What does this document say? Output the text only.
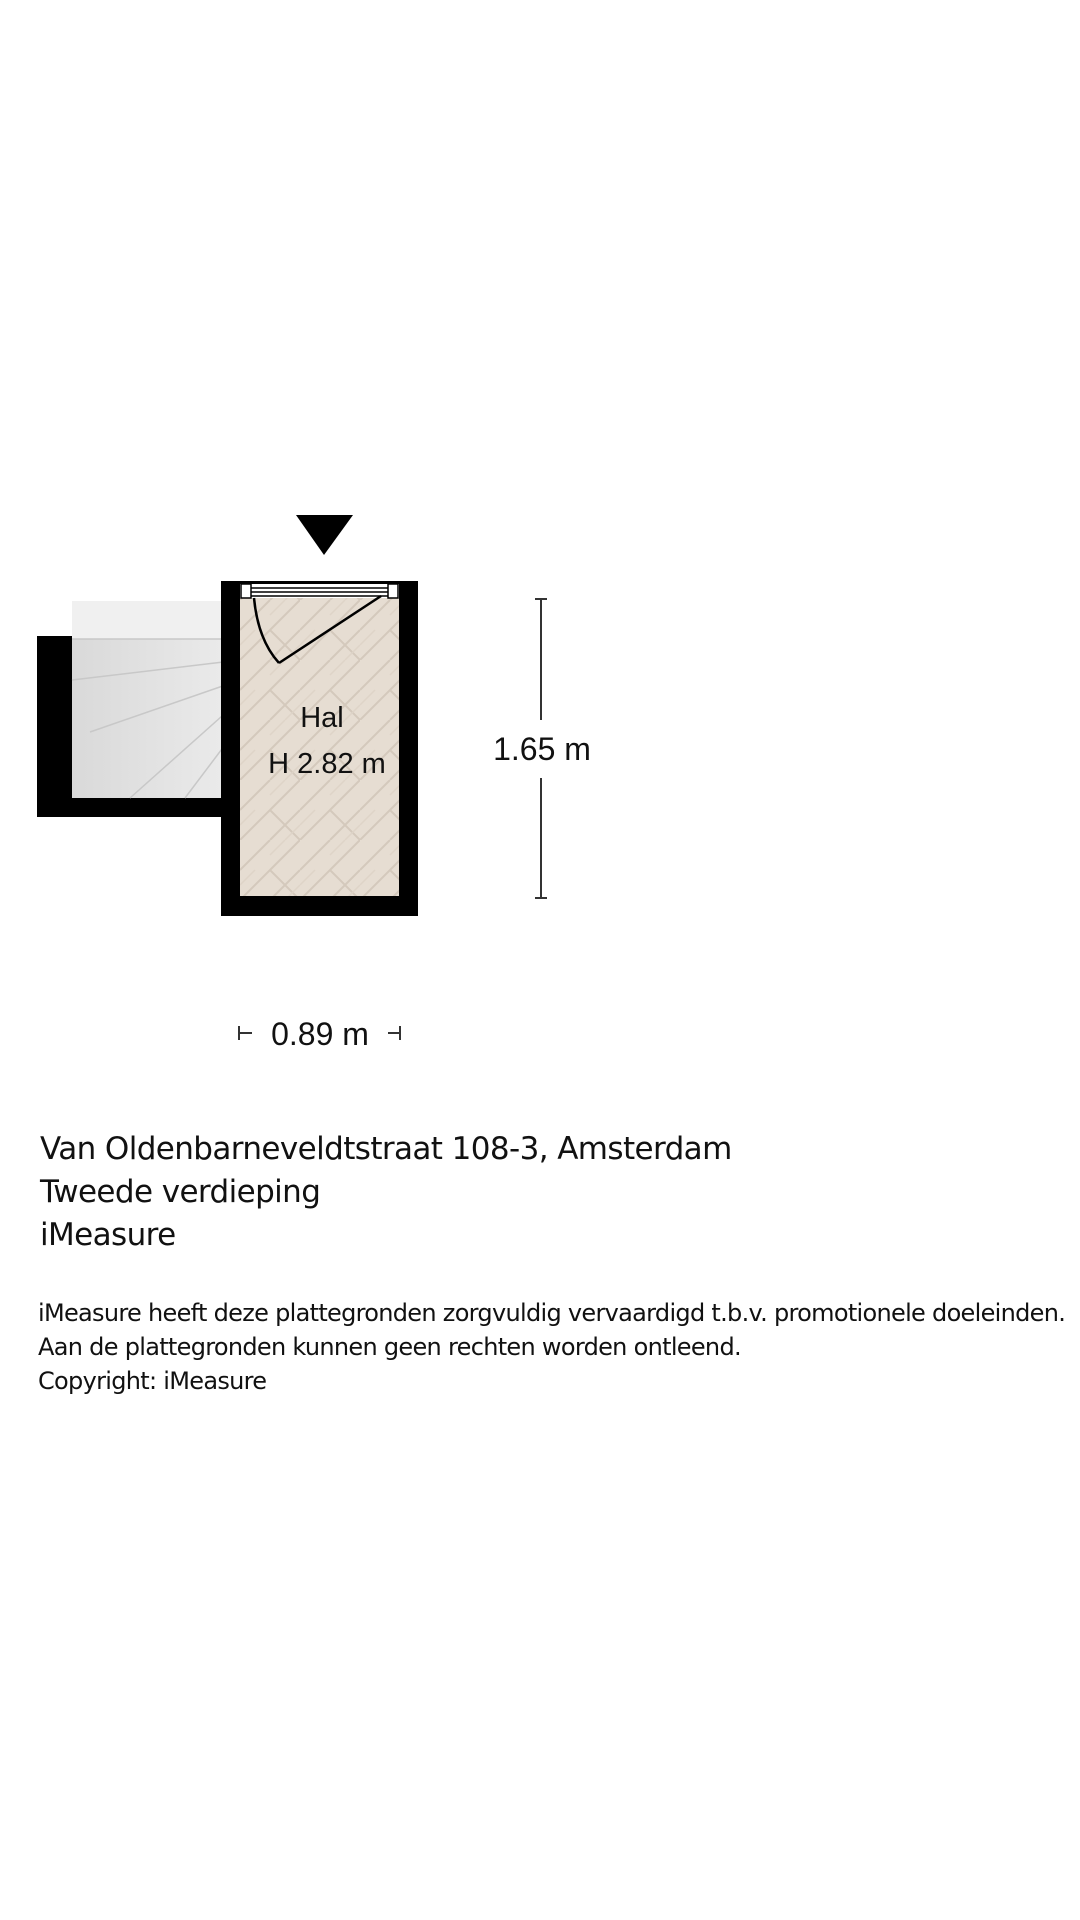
Hal
H 2.82 m	1.65 m
0.89 m
Van Oldenbarneveldtstraat 108-3, Amsterdam
Tweede verdieping
iMeasure
iMeasure heeft deze plattegronden zorgvuldig vervaardigd t.b.v. promotionele doeleinden.
Aan de plattegronden kunnen geen rechten worden ontleend.
Copyright: iMeasure
